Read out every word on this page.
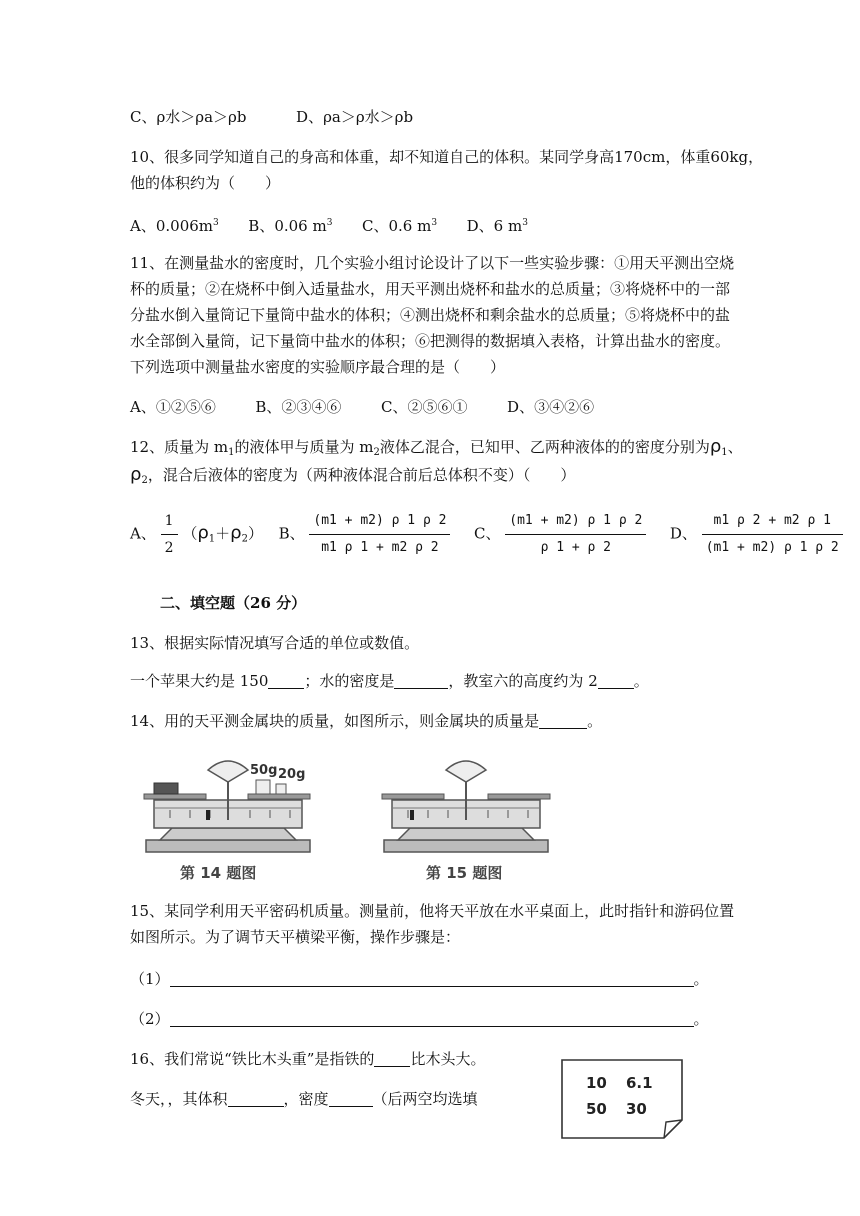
C、ρ水＞ρa＞ρb	D、ρa＞ρ水＞ρb
10、很多同学知道自己的身高和体重，却不知道自己的体积。某同学身高170cm，体重60kg，
他的体积约为（　　）
A、$0.006m^3$ B、0.06 $m^3$ C、0.6 $m^3$ D、6 $m^3$
11、在测量盐水的密度时，几个实验小组讨论设计了以下一些实验步骤：①用天平测出空烧
杯的质量；②在烧杯中倒入适量盐水，用天平测出烧杯和盐水的总质量；③将烧杯中的一部
分盐水倒入量筒记下量筒中盐水的体积；④测出烧杯和剩余盐水的总质量；⑤将烧杯中的盐
水全部倒入量筒，记下量筒中盐水的体积；⑥把测得的数据填入表格，计算出盐水的密度。
下列选项中测量盐水密度的实验顺序最合理的是（　　）
A、①②⑤⑥	B、②③④⑥	C、②⑤⑥①	D、③④②⑥
12、质量为 $m_1$的液体甲与质量为 $m_2$液体乙混合，已知甲、乙两种液体的的密度分别为$\rho_1$、
$\rho_2$，混合后液体的密度为（两种液体混合前后总体积不变）（　　）
A、 $\frac{1}{2} (\rho_1+\rho_2)$ B、 $\frac{(m1 + m2) \rho 1 \rho 2}{m1 \rho 1 + m2 \rho 2}$ C、 $\frac{(m1 + m2) \rho 1 \rho 2}{\rho 1 + \rho 2}$ D、 $\frac{m1 \rho 2 + m2 \rho 1}{(m1 + m2) \rho 1 \rho 2}$
二、填空题（26 分）
13、根据实际情况填写合适的单位或数值。
一个苹果大约是 150 ；水的密度是	，教室六的高度约为 2 。
14、用的天平测金属块的质量，如图所示，则金属块的质量是	。
50g 20g
第 14 题图	第 15 题图
15、某同学利用天平密码机质量。测量前，他将天平放在水平桌面上，此时指针和游码位置
如图所示。为了调节天平横梁平衡，操作步骤是：
（1）	。
（2）	。
16、我们常说“铁比木头重”是指铁的 比木头大。
冬天，，其体积	，密度	（后两空均选填
10 6.1
50 30
